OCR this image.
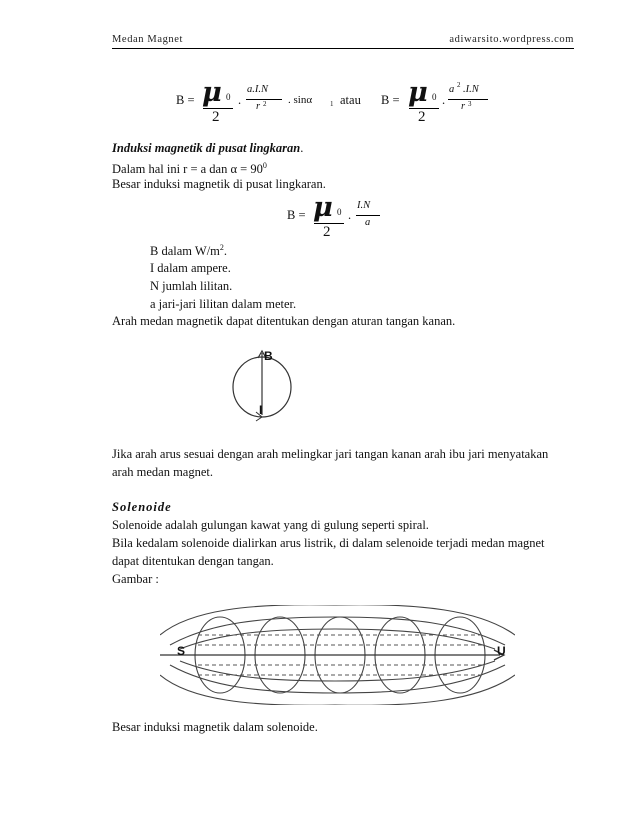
Medan Magnet	adiwarsito.wordpress.com
B = μ 0
2
.
a.I.N
r 2 . sinα	1 atau B = μ 0
2
.
a 2 .I.N
r 3
Induksi magnetik di pusat lingkaran.
Dalam hal ini r = a dan $\alpha = 90^0$
Besar induksi magnetik di pusat lingkaran.
B = μ 0
2
.
I.N
a
B dalam $W/m^2$.
I dalam ampere.
N jumlah lilitan.
a jari-jari lilitan dalam meter.
Arah medan magnetik dapat ditentukan dengan aturan tangan kanan.
B
I
Jika arah arus sesuai dengan arah melingkar jari tangan kanan arah ibu jari menyatakan
arah medan magnet.
Solenoide
Solenoide adalah gulungan kawat yang di gulung seperti spiral.
Bila kedalam solenoide dialirkan arus listrik, di dalam selenoide terjadi medan magnet
dapat ditentukan dengan tangan.
Gambar :
S	U
Besar induksi magnetik dalam solenoide.
